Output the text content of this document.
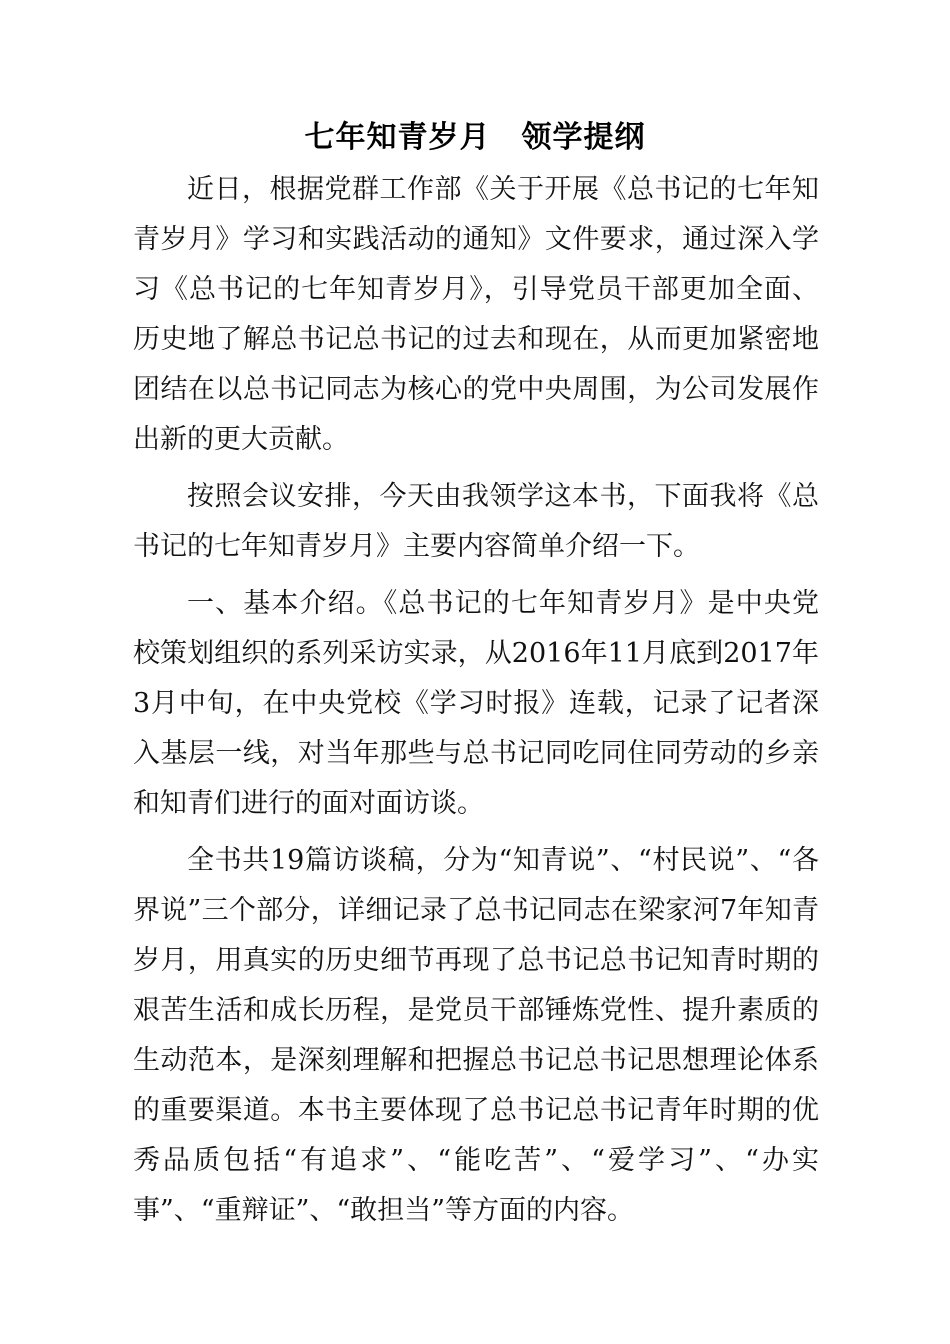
七年知青岁月　领学提纲

近日，根据党群工作部《关于开展《总书记的七年知青岁月》学习和实践活动的通知》文件要求，通过深入学习《总书记的七年知青岁月》，引导党员干部更加全面、历史地了解总书记总书记的过去和现在，从而更加紧密地团结在以总书记同志为核心的党中央周围，为公司发展作出新的更大贡献。

按照会议安排，今天由我领学这本书，下面我将《总书记的七年知青岁月》主要内容简单介绍一下。

一、基本介绍。《总书记的七年知青岁月》是中央党校策划组织的系列采访实录，从2016年11月底到2017年3月中旬，在中央党校《学习时报》连载，记录了记者深入基层一线，对当年那些与总书记同吃同住同劳动的乡亲和知青们进行的面对面访谈。

全书共19篇访谈稿，分为“知青说”、“村民说”、“各界说”三个部分，详细记录了总书记同志在梁家河7年知青岁月，用真实的历史细节再现了总书记总书记知青时期的艰苦生活和成长历程，是党员干部锤炼党性、提升素质的生动范本，是深刻理解和把握总书记总书记思想理论体系的重要渠道。本书主要体现了总书记总书记青年时期的优秀品质包括“有追求”、“能吃苦”、“爱学习”、“办实事”、“重辩证”、“敢担当”等方面的内容。
